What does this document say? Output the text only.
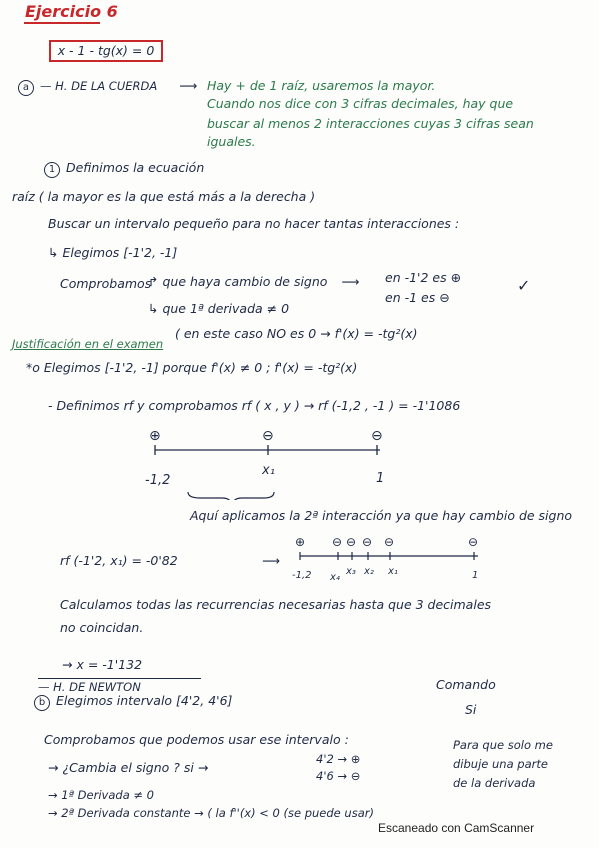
Ejercicio 6
x - 1 - tg(x) = 0
a — H. DE LA CUERDA ⟶ Hay + de 1 raíz, usaremos la mayor.
Cuando nos dice con 3 cifras decimales, hay que
buscar al menos 2 interacciones cuyas 3 cifras sean
iguales.
1 Definimos la ecuación
raíz ( la mayor es la que está más a la derecha )
Buscar un intervalo pequeño para no hacer tantas interacciones :
↳ Elegimos [-1'2, -1]
Comprobamos
↱ que haya cambio de signo ⟶ en -1'2 es ⊕
en -1 es ⊖
✓
↳ que 1ª derivada ≠ 0
( en este caso NO es 0 → f'(x) = -tg²(x)
Justificación en el examen
*o Elegimos [-1'2, -1] porque f'(x) ≠ 0 ; f'(x) = -tg²(x)
- Definimos rf y comprobamos rf ( x , y ) → rf (-1,2 , -1 ) = -1'1086
⊕	⊖	⊖
-1,2
x₁
1
Aquí aplicamos la 2ª interacción ya que hay cambio de signo
rf (-1'2, x₁) = -0'82	⟶
⊕ ⊖ ⊖ ⊖ ⊖	⊖
-1,2 x₄
x₃ x₂ x₁	1
Calculamos todas las recurrencias necesarias hasta que 3 decimales
no coincidan.
→ x = -1'132
— H. DE NEWTON
b Elegimos intervalo [4'2, 4'6]
Comando
Si
Para que solo me
dibuje una parte
de la derivada
Comprobamos que podemos usar ese intervalo :
→ ¿Cambia el signo ? si →
4'2 → ⊕
4'6 → ⊖
→ 1ª Derivada ≠ 0
→ 2ª Derivada constante → ( la f''(x) < 0 (se puede usar)
Escaneado con CamScanner
